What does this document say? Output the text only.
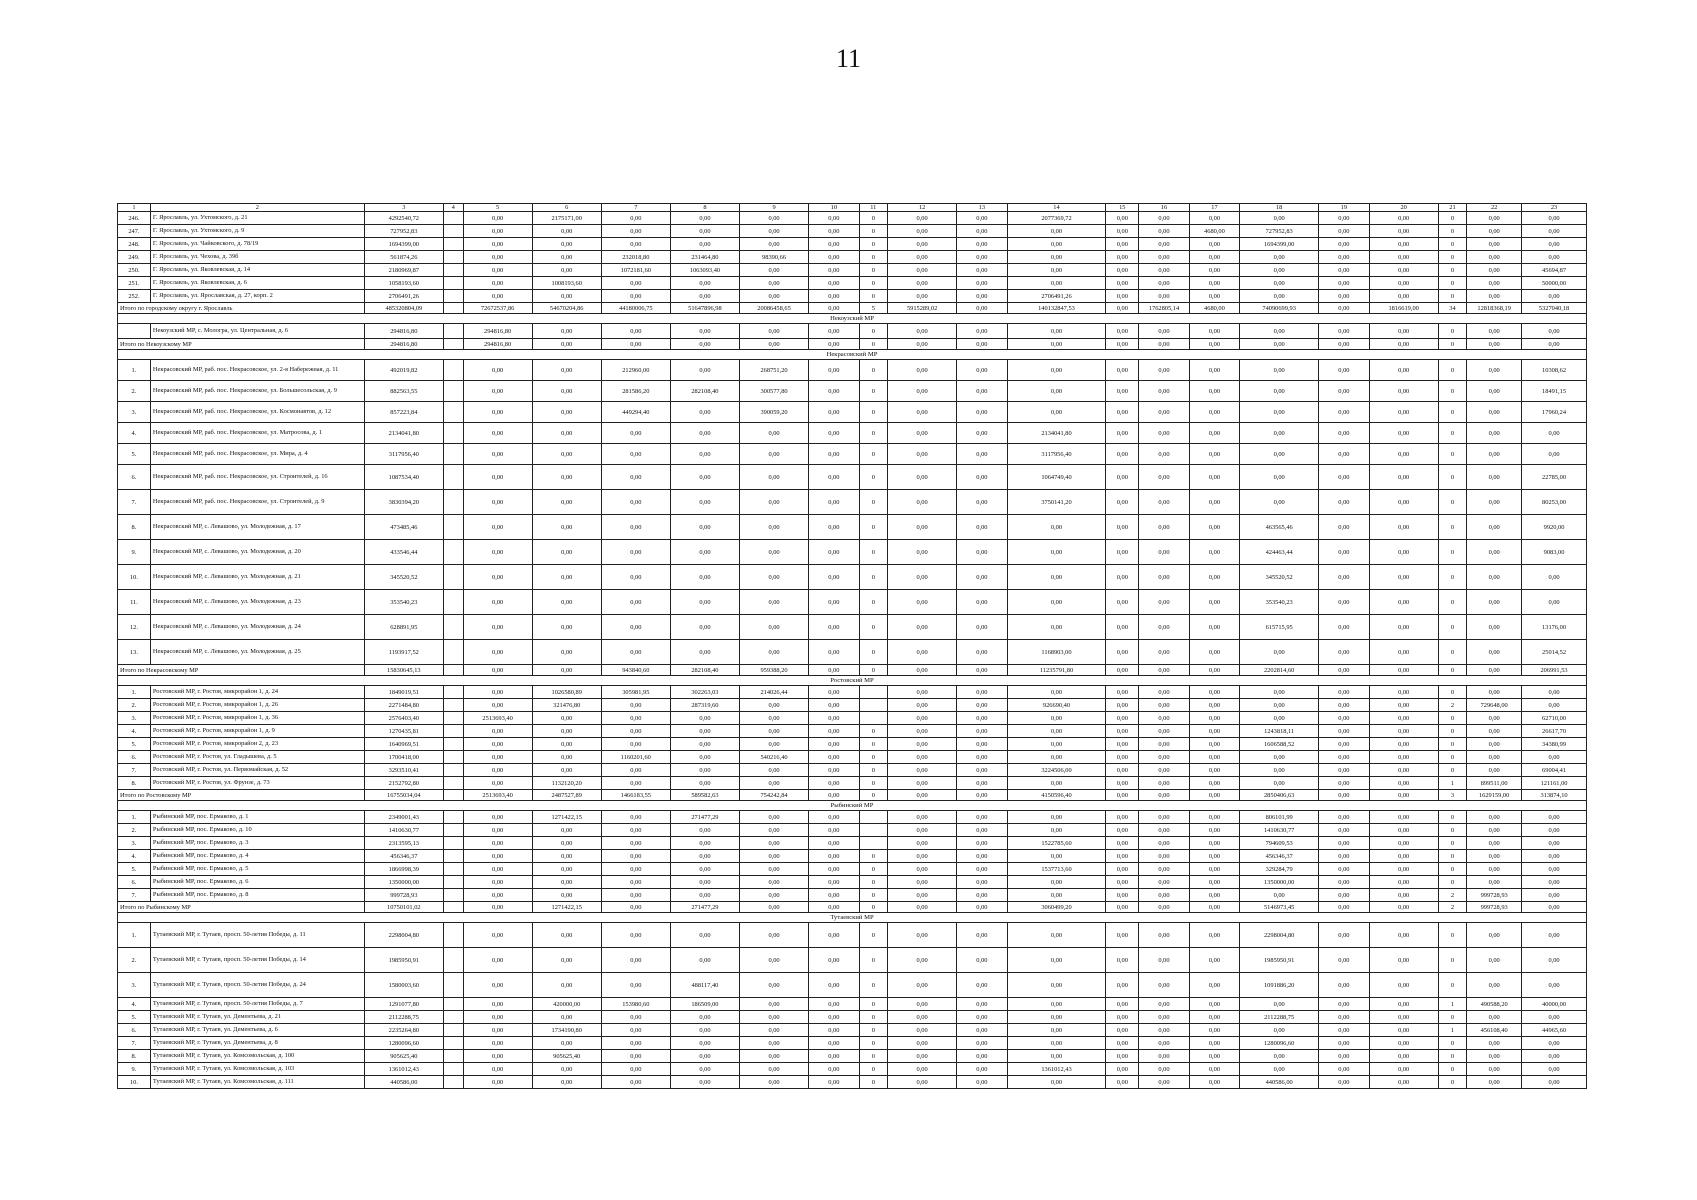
11
1	2	3	4	5	6	7	8	9	10	11	12	13	14	15	16	17	18	19	20	21	22	23
246.	Г. Ярославль, ул. Ухтомского, д. 21	4292540,72		0,00	2175171,00	0,00	0,00	0,00	0,00	0	0,00	0,00	2077369,72	0,00	0,00	0,00	0,00	0,00	0,00	0	0,00	0,00
247.	Г. Ярославль, ул. Ухтомского, д. 9	727952,83		0,00	0,00	0,00	0,00	0,00	0,00	0	0,00	0,00	0,00	0,00	0,00	4680,00	727952,83	0,00	0,00	0	0,00	0,00
248.	Г. Ярославль, ул. Чайковского, д. 78/19	1694399,00		0,00	0,00	0,00	0,00	0,00	0,00	0	0,00	0,00	0,00	0,00	0,00	0,00	1694399,00	0,00	0,00	0	0,00	0,00
249.	Г. Ярославль, ул. Чехова, д. 39б	561874,26		0,00	0,00	232018,80	231464,80	98390,66	0,00	0	0,00	0,00	0,00	0,00	0,00	0,00	0,00	0,00	0,00	0	0,00	0,00
250.	Г. Ярославль, ул. Яковлевская, д. 14	2180969,87		0,00	0,00	1072181,60	1063093,40	0,00	0,00	0	0,00	0,00	0,00	0,00	0,00	0,00	0,00	0,00	0,00	0	0,00	45694,87
251.	Г. Ярославль, ул. Яковлевская, д. 6	1058193,60		0,00	1008193,60	0,00	0,00	0,00	0,00	0	0,00	0,00	0,00	0,00	0,00	0,00	0,00	0,00	0,00	0	0,00	50000,00
252.	Г. Ярославль, ул. Ярославская, д. 27, корп. 2	2706491,26		0,00	0,00	0,00	0,00	0,00	0,00	0	0,00	0,00	2706491,26	0,00	0,00	0,00	0,00	0,00	0,00	0	0,00	0,00
Итого по городскому округу г. Ярославль		485320804,09		72672537,86	54670204,86	44180006,75	51647896,98	20086458,65	0,00	5	5915289,02	0,00	140132847,53	0,00	1762805,14	4680,00	74090699,93	0,00	1816619,00	34	12818368,19	5327040,18
Некоузский МР																						
	Некоузский МР, с. Мологра, ул. Центральная, д. 6	294816,80		294816,80	0,00	0,00	0,00	0,00	0,00	0	0,00	0,00	0,00	0,00	0,00	0,00	0,00	0,00	0,00	0	0,00	0,00
Итого по Некоузскому МР		294816,80		294816,80	0,00	0,00	0,00	0,00	0,00	0	0,00	0,00	0,00	0,00	0,00	0,00	0,00	0,00	0,00	0	0,00	0,00
Некрасовский МР																						
1.	Некрасовский МР, раб. пос. Некрасовское, ул. 2-я Набережная, д. 11	492019,82		0,00	0,00	212960,00	0,00	268751,20	0,00	0	0,00	0,00	0,00	0,00	0,00	0,00	0,00	0,00	0,00	0	0,00	10308,62
2.	Некрасовский МР, раб. пос. Некрасовское, ул. Большесольская, д. 9	882563,55		0,00	0,00	281586,20	282108,40	300577,80	0,00	0	0,00	0,00	0,00	0,00	0,00	0,00	0,00	0,00	0,00	0	0,00	18491,15
3.	Некрасовский МР, раб. пос. Некрасовское, ул. Космонавтов, д. 12	857223,84		0,00	0,00	449294,40	0,00	390059,20	0,00	0	0,00	0,00	0,00	0,00	0,00	0,00	0,00	0,00	0,00	0	0,00	17960,24
4.	Некрасовский МР, раб. пос. Некрасовское, ул. Матросова, д. 1	2134041,80		0,00	0,00	0,00	0,00	0,00	0,00	0	0,00	0,00	2134041,80	0,00	0,00	0,00	0,00	0,00	0,00	0	0,00	0,00
5.	Некрасовский МР, раб. пос. Некрасовское, ул. Мира, д. 4	3117956,40		0,00	0,00	0,00	0,00	0,00	0,00	0	0,00	0,00	3117956,40	0,00	0,00	0,00	0,00	0,00	0,00	0	0,00	0,00
6.	Некрасовский МР, раб. пос. Некрасовское, ул. Строителей, д. 16	1087534,40		0,00	0,00	0,00	0,00	0,00	0,00	0	0,00	0,00	1064749,40	0,00	0,00	0,00	0,00	0,00	0,00	0	0,00	22785,00
7.	Некрасовский МР, раб. пос. Некрасовское, ул. Строителей, д. 9	3830394,20		0,00	0,00	0,00	0,00	0,00	0,00	0	0,00	0,00	3750141,20	0,00	0,00	0,00	0,00	0,00	0,00	0	0,00	80253,00
8.	Некрасовский МР, с. Левашово, ул. Молодежная, д. 17	473485,46		0,00	0,00	0,00	0,00	0,00	0,00	0	0,00	0,00	0,00	0,00	0,00	0,00	463565,46	0,00	0,00	0	0,00	9920,00
9.	Некрасовский МР, с. Левашово, ул. Молодежная, д. 20	433546,44		0,00	0,00	0,00	0,00	0,00	0,00	0	0,00	0,00	0,00	0,00	0,00	0,00	424463,44	0,00	0,00	0	0,00	9083,00
10.	Некрасовский МР, с. Левашово, ул. Молодежная, д. 21	345520,52		0,00	0,00	0,00	0,00	0,00	0,00	0	0,00	0,00	0,00	0,00	0,00	0,00	345520,52	0,00	0,00	0	0,00	0,00
11.	Некрасовский МР, с. Левашово, ул. Молодежная, д. 23	353540,23		0,00	0,00	0,00	0,00	0,00	0,00	0	0,00	0,00	0,00	0,00	0,00	0,00	353540,23	0,00	0,00	0	0,00	0,00
12.	Некрасовский МР, с. Левашово, ул. Молодежная, д. 24	628891,95		0,00	0,00	0,00	0,00	0,00	0,00	0	0,00	0,00	0,00	0,00	0,00	0,00	615715,95	0,00	0,00	0	0,00	13176,00
13.	Некрасовский МР, с. Левашово, ул. Молодежная, д. 25	1193917,52		0,00	0,00	0,00	0,00	0,00	0,00	0	0,00	0,00	1168903,00	0,00	0,00	0,00	0,00	0,00	0,00	0	0,00	25014,52
Итого по Некрасовскому МР		15830645,13		0,00	0,00	943840,60	282108,40	959388,20	0,00	0	0,00	0,00	11235791,80	0,00	0,00	0,00	2202814,60	0,00	0,00	0	0,00	206991,53
Ростовский МР																						
1.	Ростовский МР, г. Ростов, микрорайон 1, д. 24	1849019,51		0,00	1026580,89	305981,95	302263,03	214026,44	0,00		0,00	0,00	0,00	0,00	0,00	0,00	0,00	0,00	0,00	0	0,00	0,00
2.	Ростовский МР, г. Ростов, микрорайон 1, д. 26	2271484,80		0,00	321476,80	0,00	287319,60	0,00	0,00		0,00	0,00	926690,40	0,00	0,00	0,00	0,00	0,00	0,00	2	729648,00	0,00
3.	Ростовский МР, г. Ростов, микрорайон 1, д. 36	2576403,40		2513693,40	0,00	0,00	0,00	0,00	0,00		0,00	0,00	0,00	0,00	0,00	0,00	0,00	0,00	0,00	0	0,00	62710,00
4.	Ростовский МР, г. Ростов, микрорайон 1, д. 9	1270435,81		0,00	0,00	0,00	0,00	0,00	0,00	0	0,00	0,00	0,00	0,00	0,00	0,00	1243818,11	0,00	0,00	0	0,00	26617,70
5.	Ростовский МР, г. Ростов, микрорайон 2, д. 23	1640969,51		0,00	0,00	0,00	0,00	0,00	0,00	0	0,00	0,00	0,00	0,00	0,00	0,00	1606588,52	0,00	0,00	0	0,00	34380,99
6.	Ростовский МР, г. Ростов, ул. Гладышева, д. 5	1700418,00		0,00	0,00	1160201,60	0,00	540216,40	0,00	0	0,00	0,00	0,00	0,00	0,00	0,00	0,00	0,00	0,00	0	0,00	0,00
7.	Ростовский МР, г. Ростов, ул. Первомайская, д. 52	3293510,41		0,00	0,00	0,00	0,00	0,00	0,00	0	0,00	0,00	3224506,00	0,00	0,00	0,00	0,00	0,00	0,00	0	0,00	69004,41
8.	Ростовский МР, г. Ростов, ул. Фрунзе, д. 73	2152792,80		0,00	1132120,20	0,00	0,00	0,00	0,00	0	0,00	0,00	0,00	0,00	0,00	0,00	0,00	0,00	0,00	1	899511,00	121161,00
Итого по Ростовскому МР		16755034,04		2513693,40	2487527,89	1466183,55	589582,63	754242,84	0,00	0	0,00	0,00	4150596,40	0,00	0,00	0,00	2850406,63	0,00	0,00	3	1629159,00	313874,10
Рыбинский МР																						
1.	Рыбинский МР, пос. Ермаково, д. 1	2349001,43		0,00	1271422,15	0,00	271477,29	0,00	0,00		0,00	0,00	0,00	0,00	0,00	0,00	806101,99	0,00	0,00	0	0,00	0,00
2.	Рыбинский МР, пос. Ермаково, д. 10	1410630,77		0,00	0,00	0,00	0,00	0,00	0,00		0,00	0,00	0,00	0,00	0,00	0,00	1410630,77	0,00	0,00	0	0,00	0,00
3.	Рыбинский МР, пос. Ермаково, д. 3	2313595,13		0,00	0,00	0,00	0,00	0,00	0,00		0,00	0,00	1522785,60	0,00	0,00	0,00	794609,53	0,00	0,00	0	0,00	0,00
4.	Рыбинский МР, пос. Ермаково, д. 4	456346,37		0,00	0,00	0,00	0,00	0,00	0,00	0	0,00	0,00	0,00	0,00	0,00	0,00	456346,37	0,00	0,00	0	0,00	0,00
5.	Рыбинский МР, пос. Ермаково, д. 5	1866998,39		0,00	0,00	0,00	0,00	0,00	0,00	0	0,00	0,00	1537713,60	0,00	0,00	0,00	329284,79	0,00	0,00	0	0,00	0,00
6.	Рыбинский МР, пос. Ермаково, д. 6	1350000,00		0,00	0,00	0,00	0,00	0,00	0,00	0	0,00	0,00	0,00	0,00	0,00	0,00	1350000,00	0,00	0,00	0	0,00	0,00
7.	Рыбинский МР, пос. Ермаково, д. 8	999728,93		0,00	0,00	0,00	0,00	0,00	0,00	0	0,00	0,00	0,00	0,00	0,00	0,00	0,00	0,00	0,00	2	999728,93	0,00
Итого по Рыбинскому МР		10750101,02		0,00	1271422,15	0,00	271477,29	0,00	0,00	0	0,00	0,00	3060499,20	0,00	0,00	0,00	5146973,45	0,00	0,00	2	999728,93	0,00
Тутаевский МР																						
1.	Тутаевский МР, г. Тутаев, просп. 50-летия Победы, д. 11	2298004,80		0,00	0,00	0,00	0,00	0,00	0,00	0	0,00	0,00	0,00	0,00	0,00	0,00	2298004,80	0,00	0,00	0	0,00	0,00
2.	Тутаевский МР, г. Тутаев, просп. 50-летия Победы, д. 14	1985950,91		0,00	0,00	0,00	0,00	0,00	0,00	0	0,00	0,00	0,00	0,00	0,00	0,00	1985950,91	0,00	0,00	0	0,00	0,00
3.	Тутаевский МР, г. Тутаев, просп. 50-летия Победы, д. 24	1580003,60		0,00	0,00	0,00	488117,40	0,00	0,00	0	0,00	0,00	0,00	0,00	0,00	0,00	1091886,20	0,00	0,00	0	0,00	0,00
4.	Тутаевский МР, г. Тутаев, просп. 50-летия Победы, д. 7	1291077,80		0,00	420000,00	153980,60	186509,00	0,00	0,00	0	0,00	0,00	0,00	0,00	0,00	0,00	0,00	0,00	0,00	1	490588,20	40000,00
5.	Тутаевский МР, г. Тутаев, ул. Дементьева, д. 21	2112288,75		0,00	0,00	0,00	0,00	0,00	0,00	0	0,00	0,00	0,00	0,00	0,00	0,00	2112288,75	0,00	0,00	0	0,00	0,00
6.	Тутаевский МР, г. Тутаев, ул. Дементьева, д. 6	2235264,80		0,00	1734190,80	0,00	0,00	0,00	0,00	0	0,00	0,00	0,00	0,00	0,00	0,00	0,00	0,00	0,00	1	456108,40	44965,60
7.	Тутаевский МР, г. Тутаев, ул. Дементьева, д. 8	1280096,60		0,00	0,00	0,00	0,00	0,00	0,00	0	0,00	0,00	0,00	0,00	0,00	0,00	1280096,60	0,00	0,00	0	0,00	0,00
8.	Тутаевский МР, г. Тутаев, ул. Комсомольская, д. 100	905625,40		0,00	905625,40	0,00	0,00	0,00	0,00	0	0,00	0,00	0,00	0,00	0,00	0,00	0,00	0,00	0,00	0	0,00	0,00
9.	Тутаевский МР, г. Тутаев, ул. Комсомольская, д. 103	1361012,43		0,00	0,00	0,00	0,00	0,00	0,00	0	0,00	0,00	1361012,43	0,00	0,00	0,00	0,00	0,00	0,00	0	0,00	0,00
10.	Тутаевский МР, г. Тутаев, ул. Комсомольская, д. 111	440586,00		0,00	0,00	0,00	0,00	0,00	0,00	0	0,00	0,00	0,00	0,00	0,00	0,00	440586,00	0,00	0,00	0	0,00	0,00
